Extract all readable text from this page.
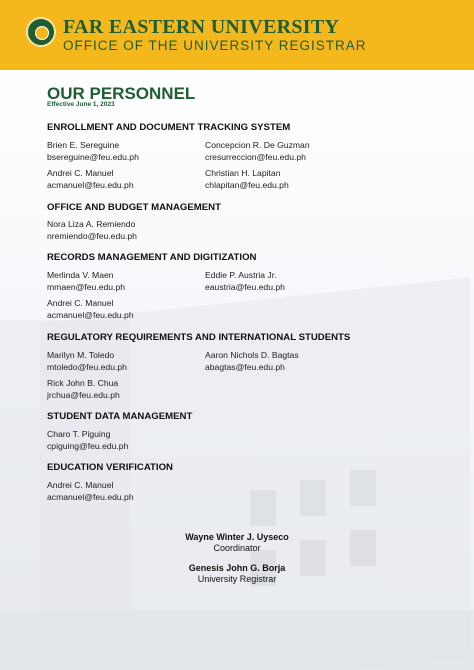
FAR EASTERN UNIVERSITY
OFFICE OF THE UNIVERSITY REGISTRAR
OUR PERSONNEL
Effective June 1, 2023
ENROLLMENT AND DOCUMENT TRACKING SYSTEM
Brien E. Sereguine
bsereguine@feu.edu.ph
Concepcion R. De Guzman
cresurreccion@feu.edu.ph
Andrei C. Manuel
acmanuel@feu.edu.ph
Christian H. Lapitan
chlapitan@feu.edu.ph
OFFICE AND BUDGET MANAGEMENT
Nora Liza A. Remiendo
nremiendo@feu.edu.ph
RECORDS MANAGEMENT AND DIGITIZATION
Merlinda V. Maen
mmaen@feu.edu.ph
Eddie P. Austria Jr.
eaustria@feu.edu.ph
Andrei C. Manuel
acmanuel@feu.edu.ph
REGULATORY REQUIREMENTS AND INTERNATIONAL STUDENTS
Marilyn M. Toledo
mtoledo@feu.edu.ph
Aaron Nichols D. Bagtas
abagtas@feu.edu.ph
Rick John B. Chua
jrchua@feu.edu.ph
STUDENT DATA MANAGEMENT
Charo T. Piguing
cpiguing@feu.edu.ph
EDUCATION VERIFICATION
Andrei C. Manuel
acmanuel@feu.edu.ph
Wayne Winter J. Uyseco
Coordinator
Genesis John G. Borja
University Registrar
